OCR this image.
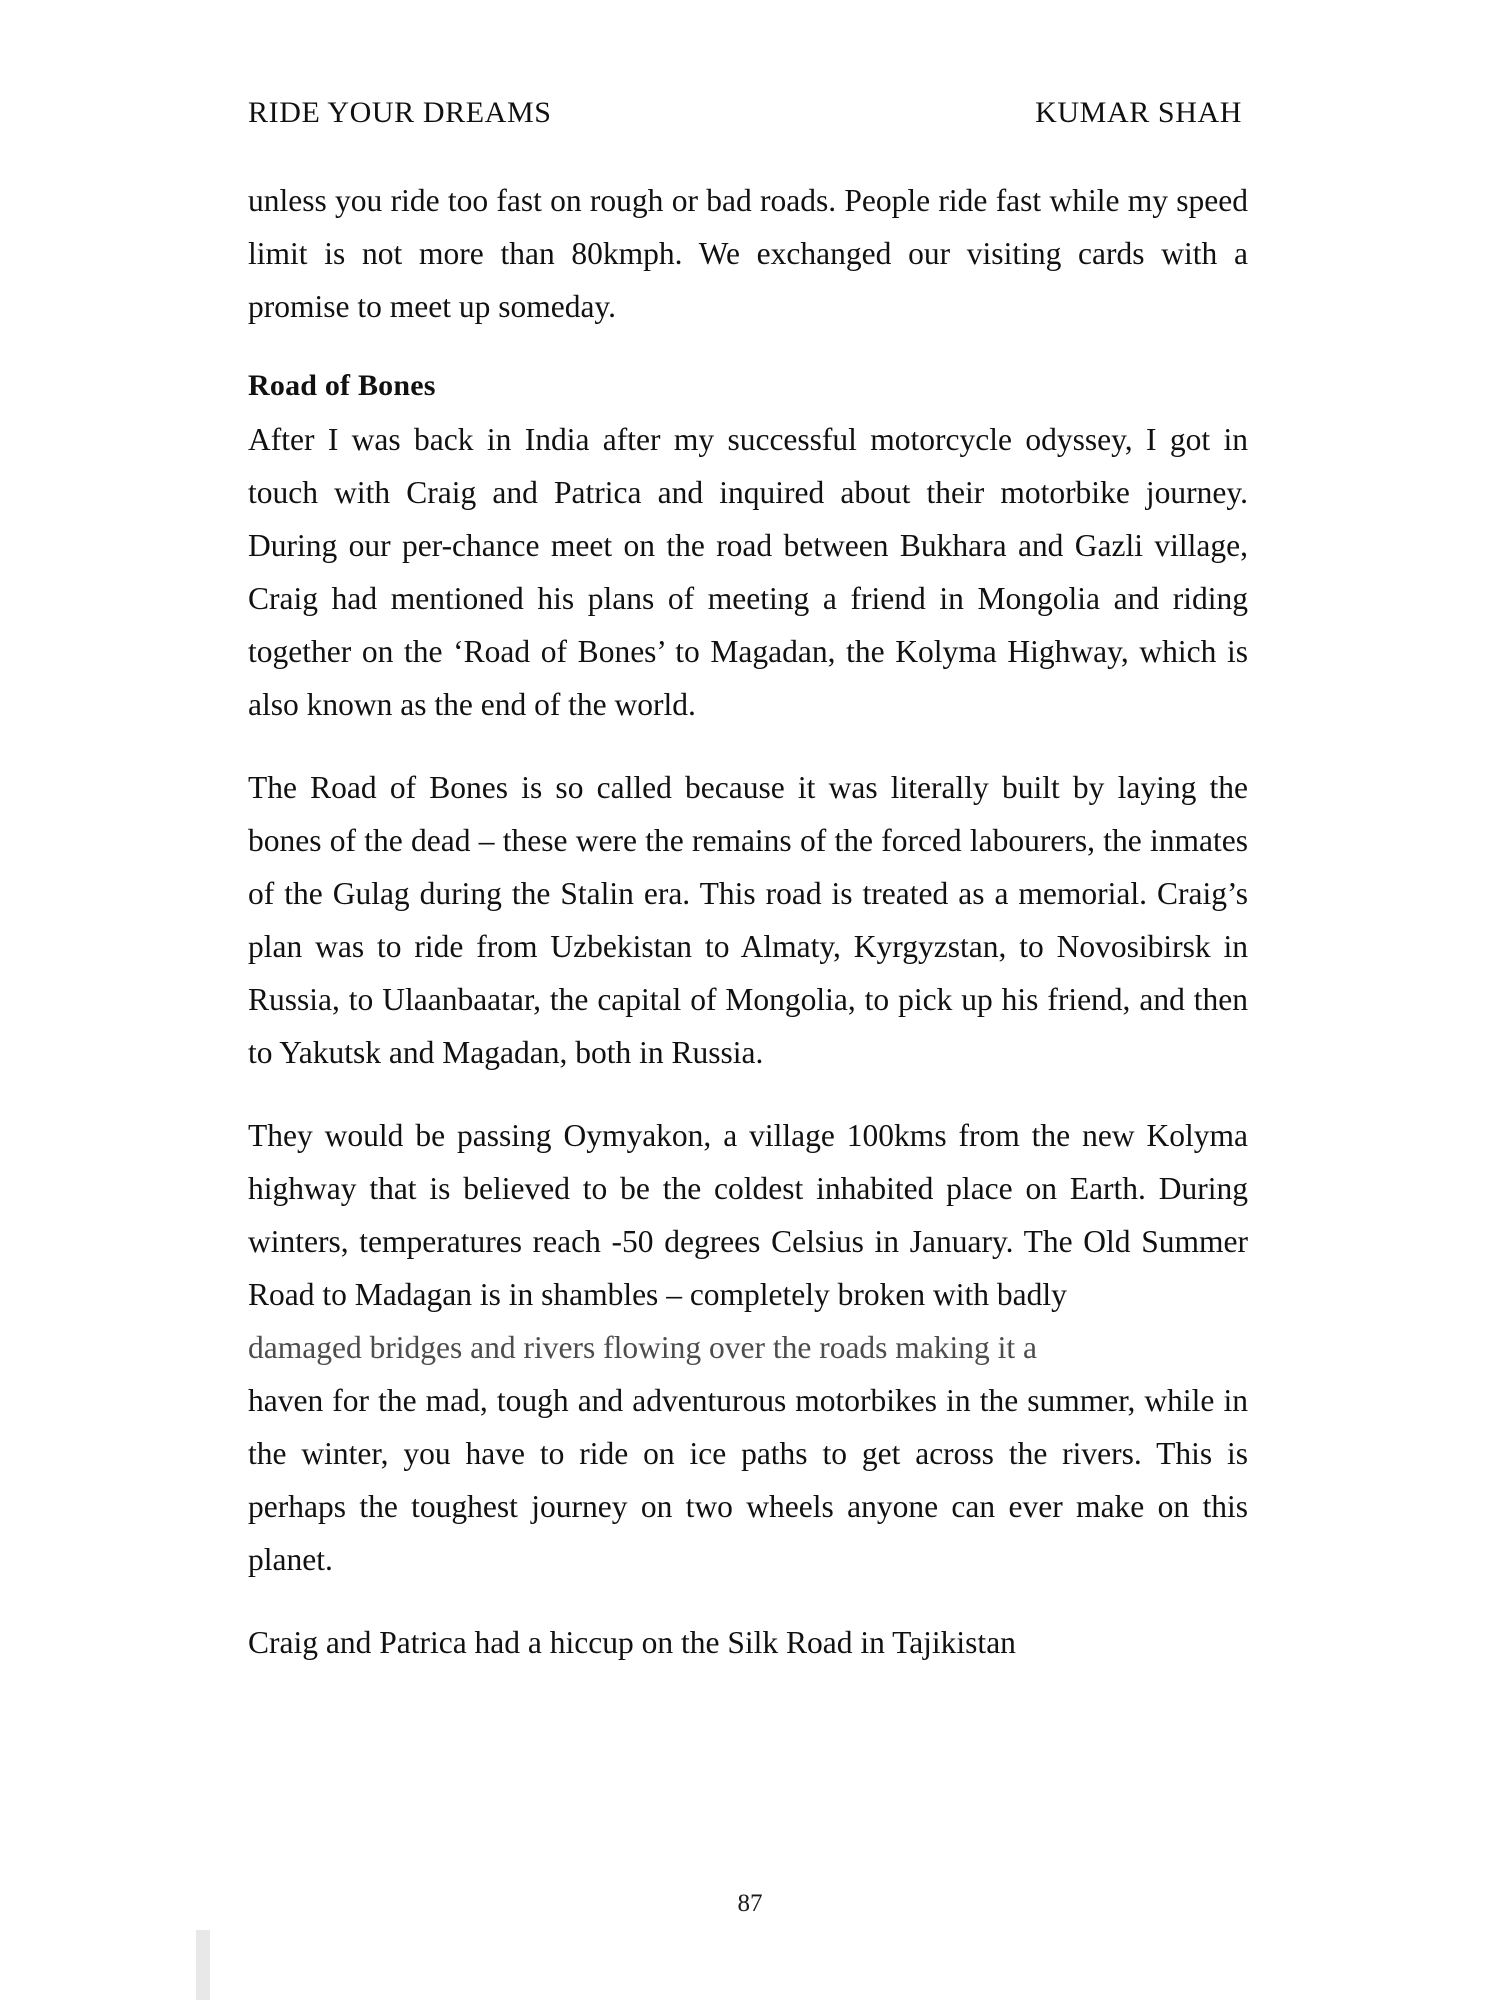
RIDE YOUR DREAMS	KUMAR SHAH

unless you ride too fast on rough or bad roads. People ride fast while my speed limit is not more than 80kmph. We exchanged our visiting cards with a promise to meet up someday.

Road of Bones

After I was back in India after my successful motorcycle odyssey, I got in touch with Craig and Patrica and inquired about their motorbike journey. During our per-chance meet on the road between Bukhara and Gazli village, Craig had mentioned his plans of meeting a friend in Mongolia and riding together on the ‘Road of Bones’ to Magadan, the Kolyma Highway, which is also known as the end of the world.

The Road of Bones is so called because it was literally built by laying the bones of the dead – these were the remains of the forced labourers, the inmates of the Gulag during the Stalin era. This road is treated as a memorial. Craig’s plan was to ride from Uzbekistan to Almaty, Kyrgyzstan, to Novosibirsk in Russia, to Ulaanbaatar, the capital of Mongolia, to pick up his friend, and then to Yakutsk and Magadan, both in Russia.

They would be passing Oymyakon, a village 100kms from the new Kolyma highway that is believed to be the coldest inhabited place on Earth. During winters, temperatures reach -50 degrees Celsius in January. The Old Summer Road to Madagan is in shambles – completely broken with badly

damaged bridges and rivers flowing over the roads making it a

haven for the mad, tough and adventurous motorbikes in the summer, while in the winter, you have to ride on ice paths to get across the rivers. This is perhaps the toughest journey on two wheels anyone can ever make on this planet.

Craig and Patrica had a hiccup on the Silk Road in Tajikistan

87
